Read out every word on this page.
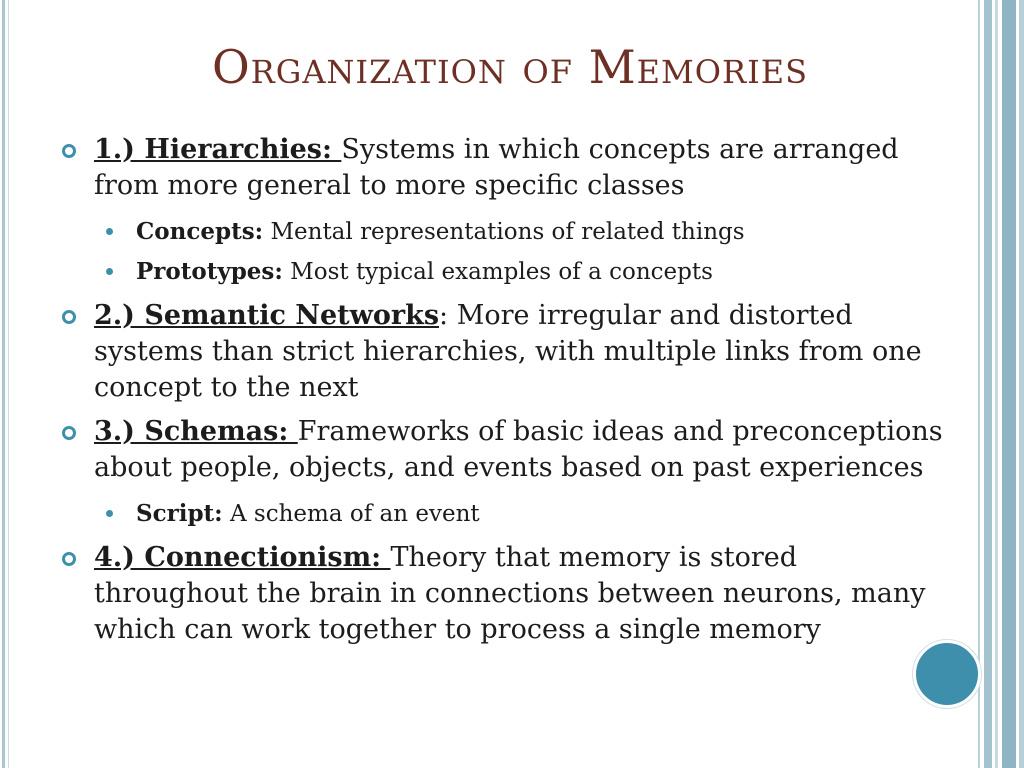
Organization of Memories
1.) Hierarchies: Systems in which concepts are arranged from more general to more specific classes
Concepts: Mental representations of related things
Prototypes: Most typical examples of a concepts
2.) Semantic Networks: More irregular and distorted systems than strict hierarchies, with multiple links from one concept to the next
3.) Schemas: Frameworks of basic ideas and preconceptions about people, objects, and events based on past experiences
Script: A schema of an event
4.) Connectionism: Theory that memory is stored throughout the brain in connections between neurons, many which can work together to process a single memory
